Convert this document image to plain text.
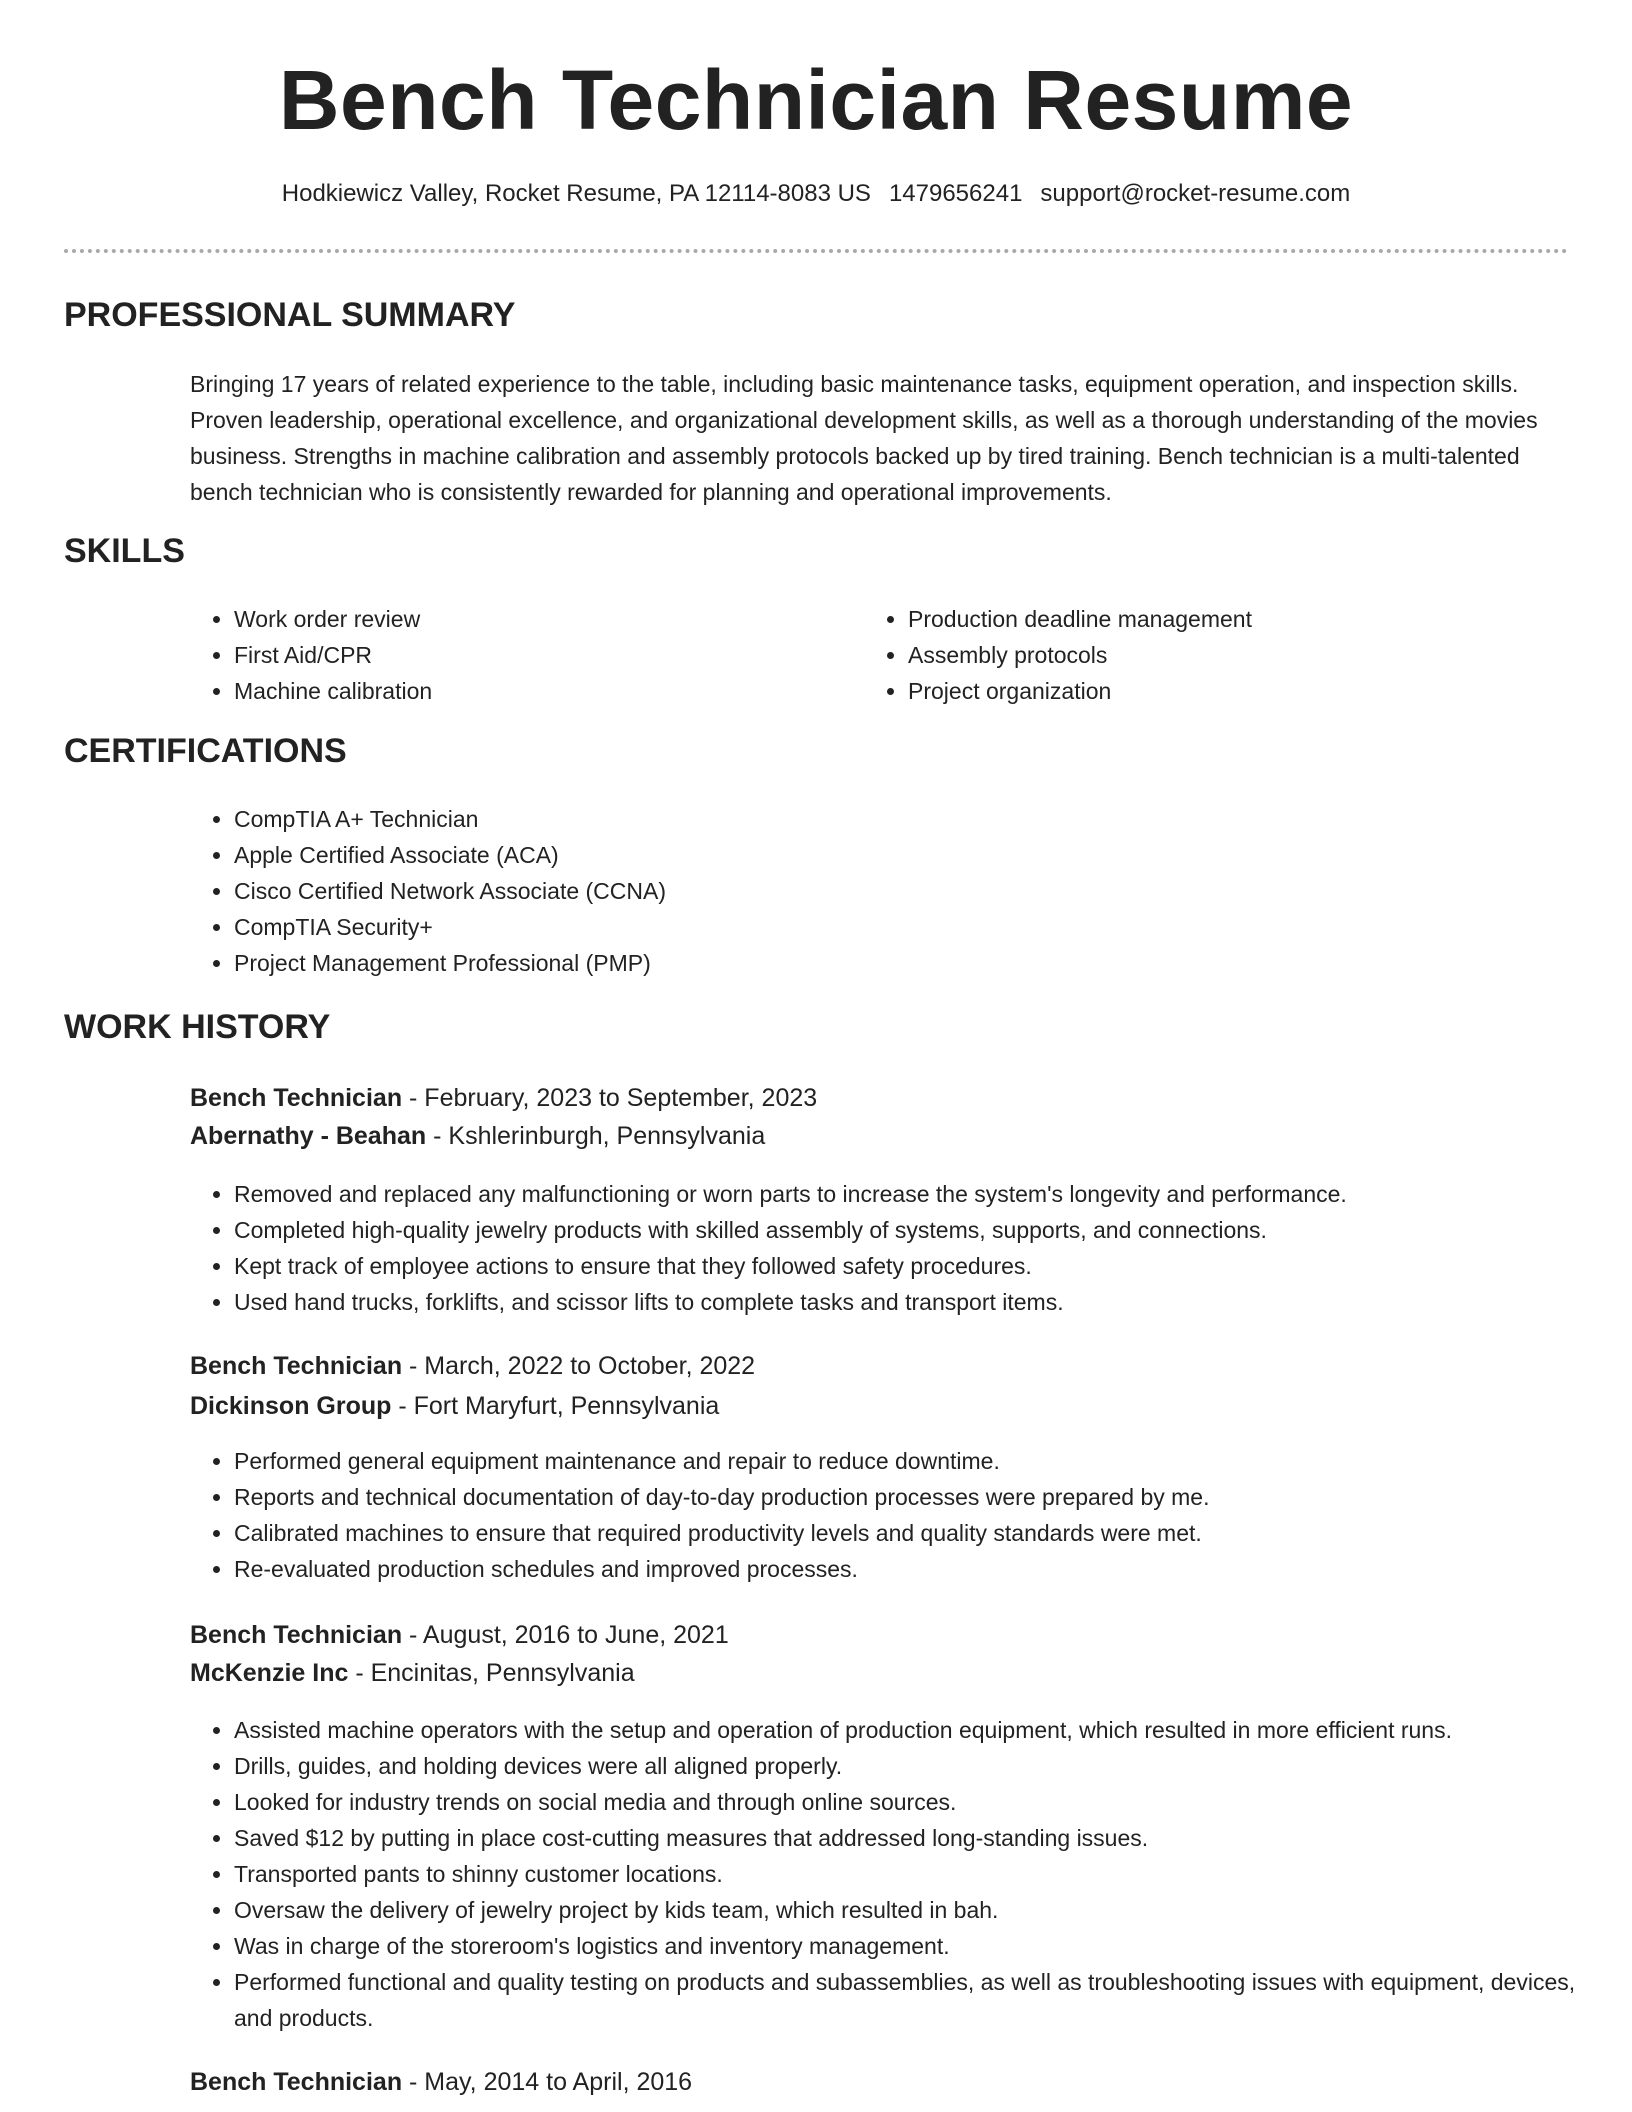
Bench Technician Resume
Hodkiewicz Valley, Rocket Resume, PA 12114-8083 US 1479656241 support@rocket-resume.com
PROFESSIONAL SUMMARY

Bringing 17 years of related experience to the table, including basic maintenance tasks, equipment operation, and inspection skills. Proven leadership, operational excellence, and organizational development skills, as well as a thorough understanding of the movies business. Strengths in machine calibration and assembly protocols backed up by tired training. Bench technician is a multi-talented bench technician who is consistently rewarded for planning and operational improvements.

SKILLS
• Work order review
• First Aid/CPR
• Machine calibration
• Production deadline management
• Assembly protocols
• Project organization
CERTIFICATIONS
• CompTIA A+ Technician
• Apple Certified Associate (ACA)
• Cisco Certified Network Associate (CCNA)
• CompTIA Security+
• Project Management Professional (PMP)
WORK HISTORY

Bench Technician - February, 2023 to September, 2023

Abernathy - Beahan - Kshlerinburgh, Pennsylvania

• Removed and replaced any malfunctioning or worn parts to increase the system's longevity and performance.
• Completed high-quality jewelry products with skilled assembly of systems, supports, and connections.
• Kept track of employee actions to ensure that they followed safety procedures.
• Used hand trucks, forklifts, and scissor lifts to complete tasks and transport items.

Bench Technician - March, 2022 to October, 2022

Dickinson Group - Fort Maryfurt, Pennsylvania

• Performed general equipment maintenance and repair to reduce downtime.
• Reports and technical documentation of day-to-day production processes were prepared by me.
• Calibrated machines to ensure that required productivity levels and quality standards were met.
• Re-evaluated production schedules and improved processes.

Bench Technician - August, 2016 to June, 2021

McKenzie Inc - Encinitas, Pennsylvania

• Assisted machine operators with the setup and operation of production equipment, which resulted in more efficient runs.
• Drills, guides, and holding devices were all aligned properly.
• Looked for industry trends on social media and through online sources.
• Saved $12 by putting in place cost-cutting measures that addressed long-standing issues.
• Transported pants to shinny customer locations.
• Oversaw the delivery of jewelry project by kids team, which resulted in bah.
• Was in charge of the storeroom's logistics and inventory management.
• Performed functional and quality testing on products and subassemblies, as well as troubleshooting issues with equipment, devices, and products.

Bench Technician - May, 2014 to April, 2016
